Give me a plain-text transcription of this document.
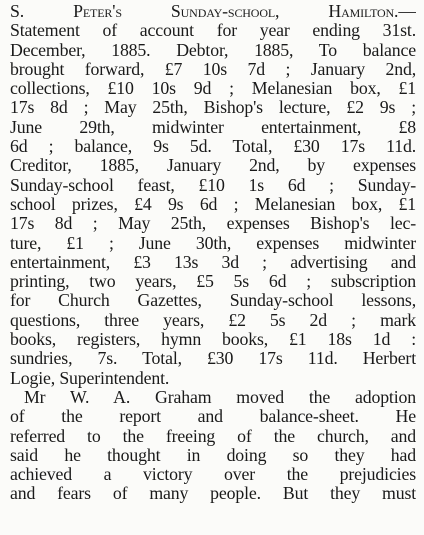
S. Peter's Sunday-school, Hamilton.—
Statement of account for year ending 31st.
December, 1885. Debtor, 1885, To balance
brought forward, £7 10s 7d ; January 2nd,
collections, £10 10s 9d ; Melanesian box, £1
17s 8d ; May 25th, Bishop's lecture, £2 9s ;
June 29th, midwinter entertainment, £8
6d ; balance, 9s 5d. Total, £30 17s 11d.
Creditor, 1885, January 2nd, by expenses
Sunday-school feast, £10 1s 6d ; Sunday-
school prizes, £4 9s 6d ; Melanesian box, £1
17s 8d ; May 25th, expenses Bishop's lec-
ture, £1 ; June 30th, expenses midwinter
entertainment, £3 13s 3d ; advertising and
printing, two years, £5 5s 6d ; subscription
for Church Gazettes, Sunday-school lessons,
questions, three years, £2 5s 2d ; mark
books, registers, hymn books, £1 18s 1d :
sundries, 7s. Total, £30 17s 11d. Herbert
Logie, Superintendent.
Mr W. A. Graham moved the adoption
of the report and balance-sheet. He
referred to the freeing of the church, and
said he thought in doing so they had
achieved a victory over the prejudicies
and fears of many people. But they must
